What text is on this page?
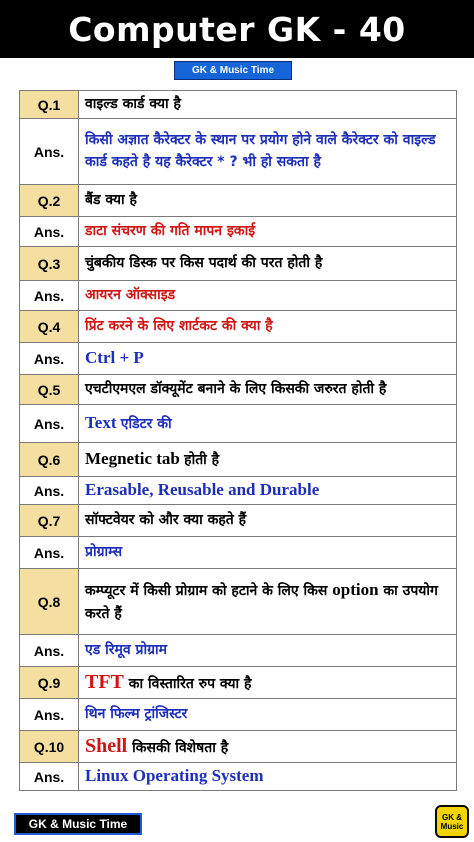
Computer GK - 40
GK & Music Time
Q.1	वाइल्ड कार्ड क्या है
Ans.	किसी अज्ञात कैरेक्टर के स्थान पर प्रयोग होने वाले कैरेक्टर को वाइल्ड कार्ड कहते है यह कैरेक्टर * ? भी हो सकता है
Q.2	बैंड क्या है
Ans.	डाटा संचरण की गति मापन इकाई
Q.3	चुंबकीय डिस्क पर किस पदार्थ की परत होती है
Ans.	आयरन ऑक्साइड
Q.4	प्रिंट करने के लिए शार्टकट की क्या है
Ans.	Ctrl + P
Q.5	एचटीएमएल डॉक्यूमेंट बनाने के लिए किसकी जरुरत होती है
Ans.	Text एडिटर की
Q.6	Megnetic tab होती है
Ans.	Erasable, Reusable and Durable
Q.7	सॉफ्टवेयर को और क्या कहते हैं
Ans.	प्रोग्राम्स
Q.8	कम्प्यूटर में किसी प्रोग्राम को हटाने के लिए किस option का उपयोग करते हैं
Ans.	एड रिमूव प्रोग्राम
Q.9	TFT का विस्तारित रुप क्या है
Ans.	थिन फिल्म ट्रांजिस्टर
Q.10	Shell किसकी विशेषता है
Ans.	Linux Operating System
GK & Music Time	GK &
Music
